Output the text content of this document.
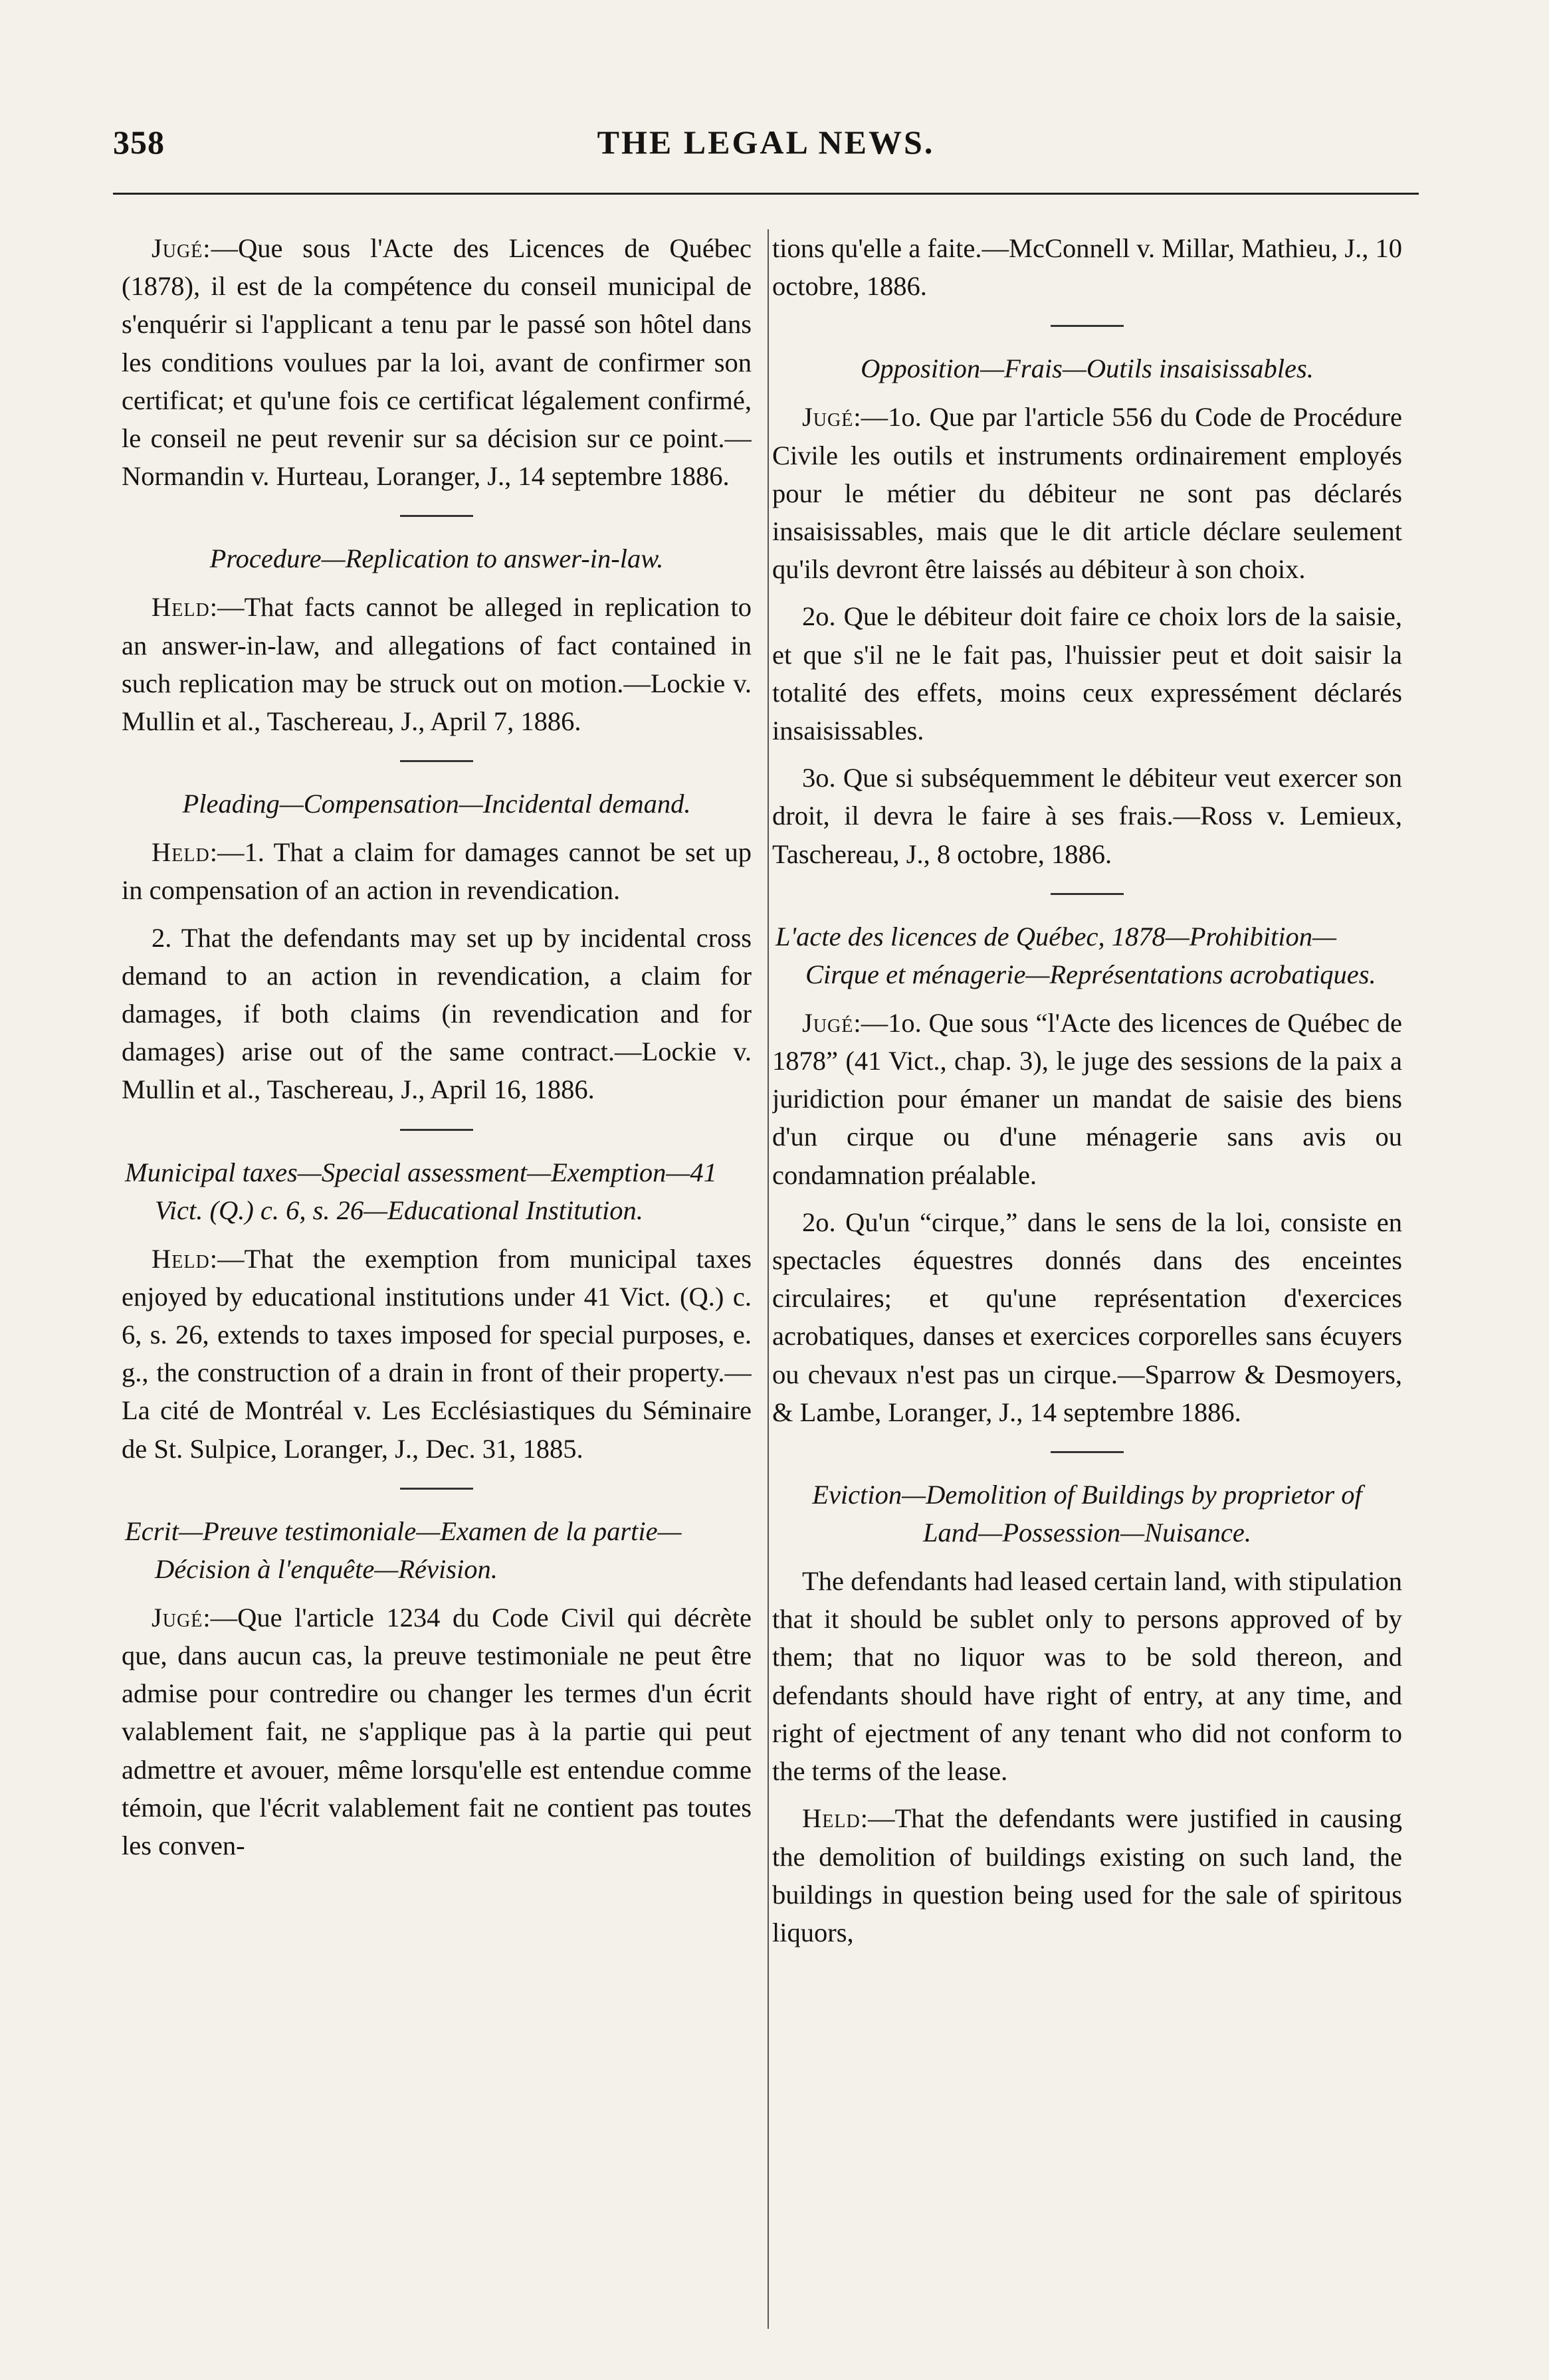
358	THE LEGAL NEWS.

Jugé:—Que sous l'Acte des Licences de Québec (1878), il est de la compétence du conseil municipal de s'enquérir si l'applicant a tenu par le passé son hôtel dans les conditions voulues par la loi, avant de confirmer son certificat; et qu'une fois ce certificat légalement confirmé, le conseil ne peut revenir sur sa décision sur ce point.—Normandin v. Hurteau, Loranger, J., 14 septembre 1886.

Procedure—Replication to answer-in-law.

Held:—That facts cannot be alleged in replication to an answer-in-law, and allegations of fact contained in such replication may be struck out on motion.—Lockie v. Mullin et al., Taschereau, J., April 7, 1886.

Pleading—Compensation—Incidental demand.

Held:—1. That a claim for damages cannot be set up in compensation of an action in revendication.

2. That the defendants may set up by incidental cross demand to an action in revendication, a claim for damages, if both claims (in revendication and for damages) arise out of the same contract.—Lockie v. Mullin et al., Taschereau, J., April 16, 1886.

Municipal taxes—Special assessment—Exemption—41 Vict. (Q.) c. 6, s. 26—Educational Institution.

Held:—That the exemption from municipal taxes enjoyed by educational institutions under 41 Vict. (Q.) c. 6, s. 26, extends to taxes imposed for special purposes, e. g., the construction of a drain in front of their property.—La cité de Montréal v. Les Ecclésiastiques du Séminaire de St. Sulpice, Loranger, J., Dec. 31, 1885.

Ecrit—Preuve testimoniale—Examen de la partie—Décision à l'enquête—Révision.

Jugé:—Que l'article 1234 du Code Civil qui décrète que, dans aucun cas, la preuve testimoniale ne peut être admise pour contredire ou changer les termes d'un écrit valablement fait, ne s'applique pas à la partie qui peut admettre et avouer, même lorsqu'elle est entendue comme témoin, que l'écrit valablement fait ne contient pas toutes les conven-

tions qu'elle a faite.—McConnell v. Millar, Mathieu, J., 10 octobre, 1886.

Opposition—Frais—Outils insaisissables.

Jugé:—1o. Que par l'article 556 du Code de Procédure Civile les outils et instruments ordinairement employés pour le métier du débiteur ne sont pas déclarés insaisissables, mais que le dit article déclare seulement qu'ils devront être laissés au débiteur à son choix.

2o. Que le débiteur doit faire ce choix lors de la saisie, et que s'il ne le fait pas, l'huissier peut et doit saisir la totalité des effets, moins ceux expressément déclarés insaisissables.

3o. Que si subséquemment le débiteur veut exercer son droit, il devra le faire à ses frais.—Ross v. Lemieux, Taschereau, J., 8 octobre, 1886.

L'acte des licences de Québec, 1878—Prohibition—Cirque et ménagerie—Représentations acrobatiques.

Jugé:—1o. Que sous “l'Acte des licences de Québec de 1878” (41 Vict., chap. 3), le juge des sessions de la paix a juridiction pour émaner un mandat de saisie des biens d'un cirque ou d'une ménagerie sans avis ou condamnation préalable.

2o. Qu'un “cirque,” dans le sens de la loi, consiste en spectacles équestres donnés dans des enceintes circulaires; et qu'une représentation d'exercices acrobatiques, danses et exercices corporelles sans écuyers ou chevaux n'est pas un cirque.—Sparrow & Desmoyers, & Lambe, Loranger, J., 14 septembre 1886.

Eviction—Demolition of Buildings by proprietor of Land—Possession—Nuisance.

The defendants had leased certain land, with stipulation that it should be sublet only to persons approved of by them; that no liquor was to be sold thereon, and defendants should have right of entry, at any time, and right of ejectment of any tenant who did not conform to the terms of the lease.

Held:—That the defendants were justified in causing the demolition of buildings existing on such land, the buildings in question being used for the sale of spiritous liquors,
